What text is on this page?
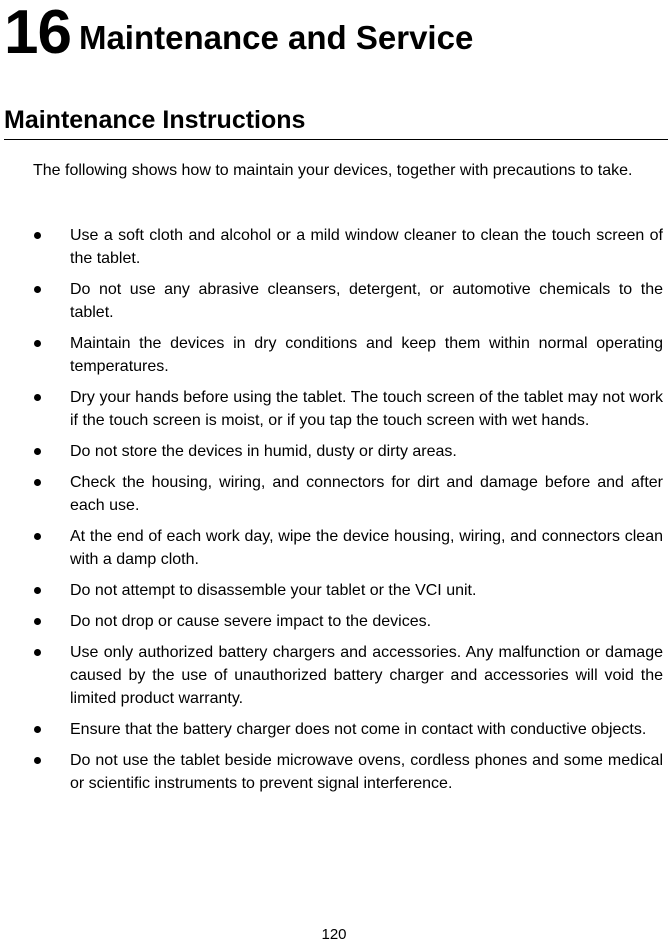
16 Maintenance and Service
Maintenance Instructions

The following shows how to maintain your devices, together with precautions to take.

Use a soft cloth and alcohol or a mild window cleaner to clean the touch screen of the tablet.
Do not use any abrasive cleansers, detergent, or automotive chemicals to the tablet.
Maintain the devices in dry conditions and keep them within normal operating temperatures.
Dry your hands before using the tablet. The touch screen of the tablet may not work if the touch screen is moist, or if you tap the touch screen with wet hands.
Do not store the devices in humid, dusty or dirty areas.
Check the housing, wiring, and connectors for dirt and damage before and after each use.
At the end of each work day, wipe the device housing, wiring, and connectors clean with a damp cloth.
Do not attempt to disassemble your tablet or the VCI unit.
Do not drop or cause severe impact to the devices.
Use only authorized battery chargers and accessories. Any malfunction or damage caused by the use of unauthorized battery charger and accessories will void the limited product warranty.
Ensure that the battery charger does not come in contact with conductive objects.
Do not use the tablet beside microwave ovens, cordless phones and some medical or scientific instruments to prevent signal interference.
120
